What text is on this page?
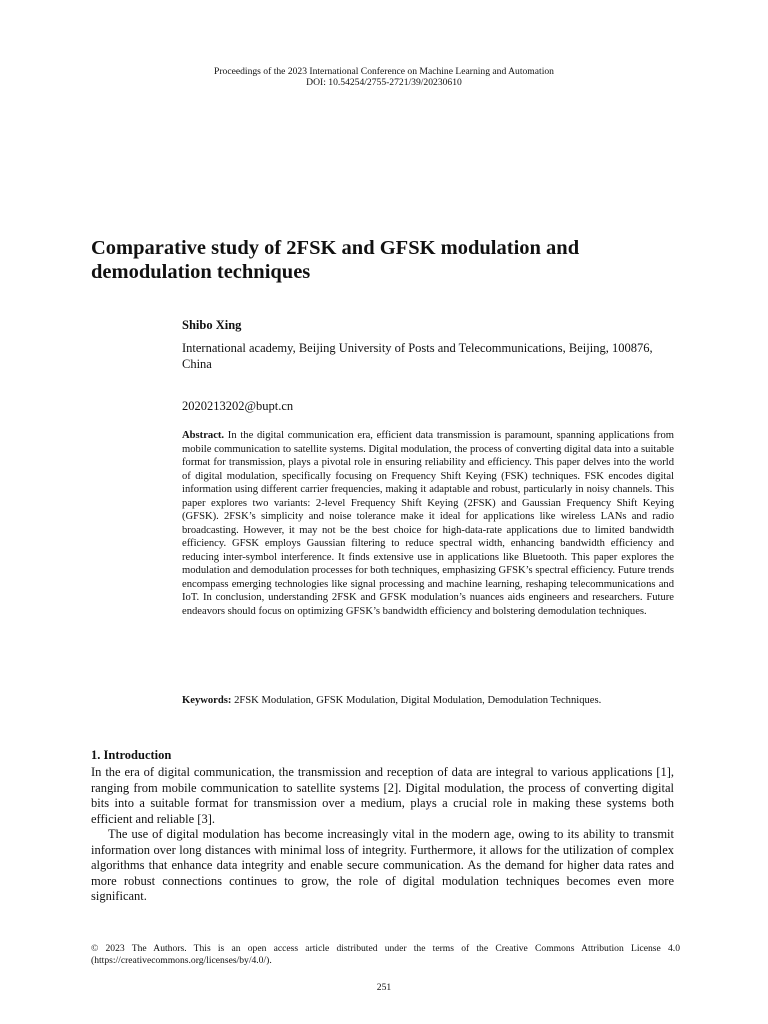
Proceedings of the 2023 International Conference on Machine Learning and Automation
DOI: 10.54254/2755-2721/39/20230610
Comparative study of 2FSK and GFSK modulation and
demodulation techniques
Shibo Xing
International academy, Beijing University of Posts and Telecommunications, Beijing, 100876, China
2020213202@bupt.cn
Abstract. In the digital communication era, efficient data transmission is paramount, spanning applications from mobile communication to satellite systems. Digital modulation, the process of converting digital data into a suitable format for transmission, plays a pivotal role in ensuring reliability and efficiency. This paper delves into the world of digital modulation, specifically focusing on Frequency Shift Keying (FSK) techniques. FSK encodes digital information using different carrier frequencies, making it adaptable and robust, particularly in noisy channels. This paper explores two variants: 2-level Frequency Shift Keying (2FSK) and Gaussian Frequency Shift Keying (GFSK). 2FSK’s simplicity and noise tolerance make it ideal for applications like wireless LANs and radio broadcasting. However, it may not be the best choice for high-data-rate applications due to limited bandwidth efficiency. GFSK employs Gaussian filtering to reduce spectral width, enhancing bandwidth efficiency and reducing inter-symbol interference. It finds extensive use in applications like Bluetooth. This paper explores the modulation and demodulation processes for both techniques, emphasizing GFSK’s spectral efficiency. Future trends encompass emerging technologies like signal processing and machine learning, reshaping telecommunications and IoT. In conclusion, understanding 2FSK and GFSK modulation’s nuances aids engineers and researchers. Future endeavors should focus on optimizing GFSK’s bandwidth efficiency and bolstering demodulation techniques.
Keywords: 2FSK Modulation, GFSK Modulation, Digital Modulation, Demodulation Techniques.
1. Introduction

In the era of digital communication, the transmission and reception of data are integral to various applications [1], ranging from mobile communication to satellite systems [2]. Digital modulation, the process of converting digital bits into a suitable format for transmission over a medium, plays a crucial role in making these systems both efficient and reliable [3].

The use of digital modulation has become increasingly vital in the modern age, owing to its ability to transmit information over long distances with minimal loss of integrity. Furthermore, it allows for the utilization of complex algorithms that enhance data integrity and enable secure communication. As the demand for higher data rates and more robust connections continues to grow, the role of digital modulation techniques becomes even more significant.

© 2023 The Authors. This is an open access article distributed under the terms of the Creative Commons Attribution License 4.0 (https://creativecommons.org/licenses/by/4.0/).
251
